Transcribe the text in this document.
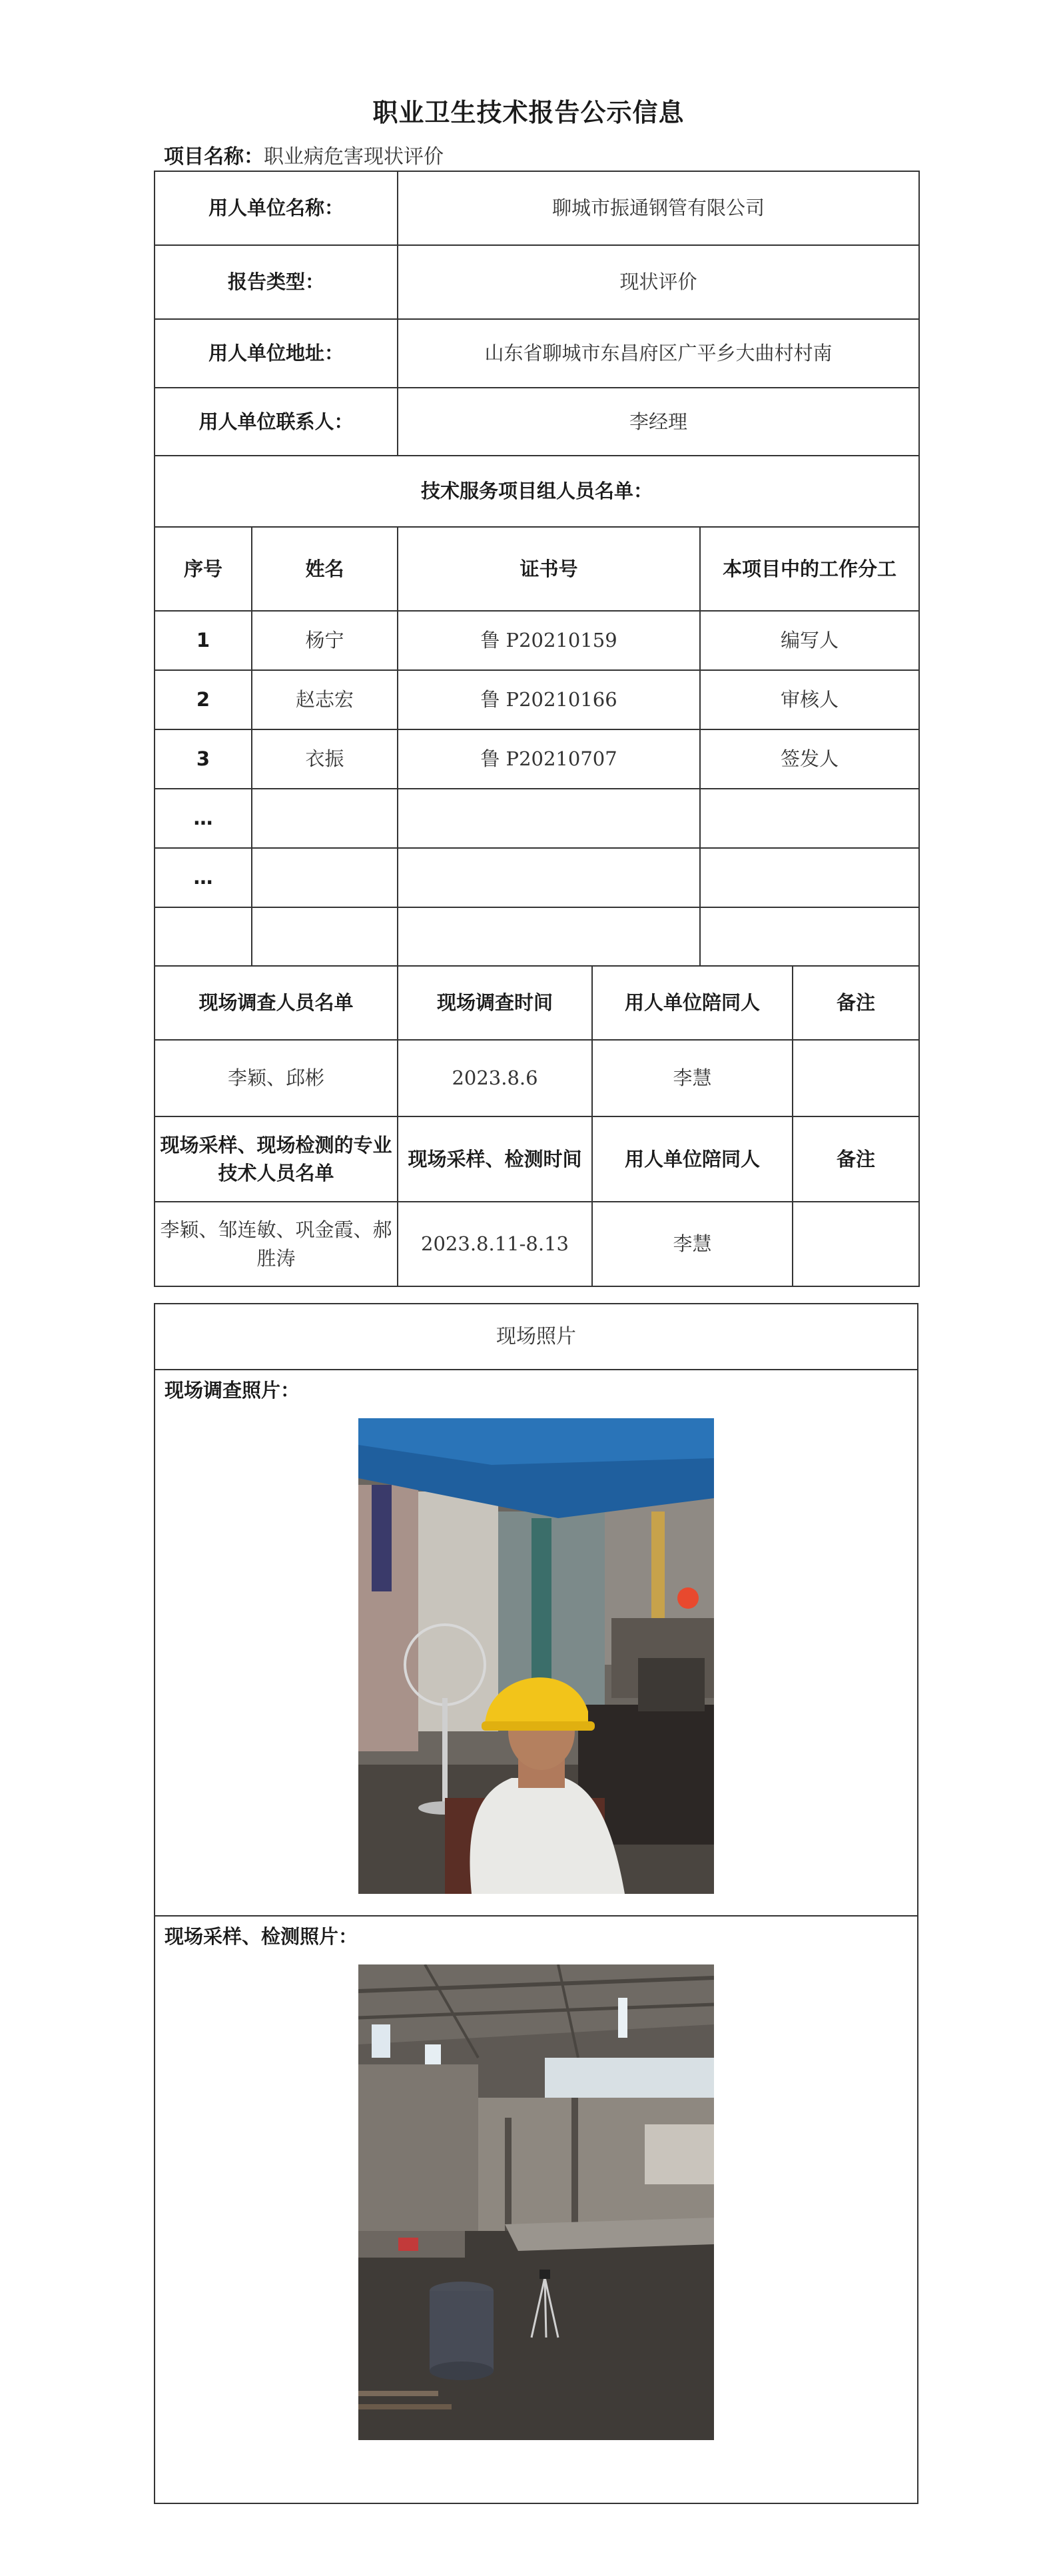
职业卫生技术报告公示信息
项目名称：职业病危害现状评价
用人单位名称：		聊城市振通钢管有限公司			
报告类型：		现状评价			
用人单位地址：		山东省聊城市东昌府区广平乡大曲村村南			
用人单位联系人：		李经理			
技术服务项目组人员名单：					
序号	姓名	证书号		本项目中的工作分工	
1	杨宁	鲁 P20210159		编写人	
2	赵志宏	鲁 P20210166		审核人	
3	衣振	鲁 P20210707		签发人	
…					
…					

现场调查人员名单		现场调查时间	用人单位陪同人		备注
李颖、邱彬		2023.8.6	李慧		
现场采样、现场检测的专业技术人员名单		现场采样、检测时间	用人单位陪同人		备注
李颖、邹连敏、巩金霞、郝胜涛		2023.8.11-8.13	李慧		
现场照片

现场调查照片：

现场采样、检测照片：
